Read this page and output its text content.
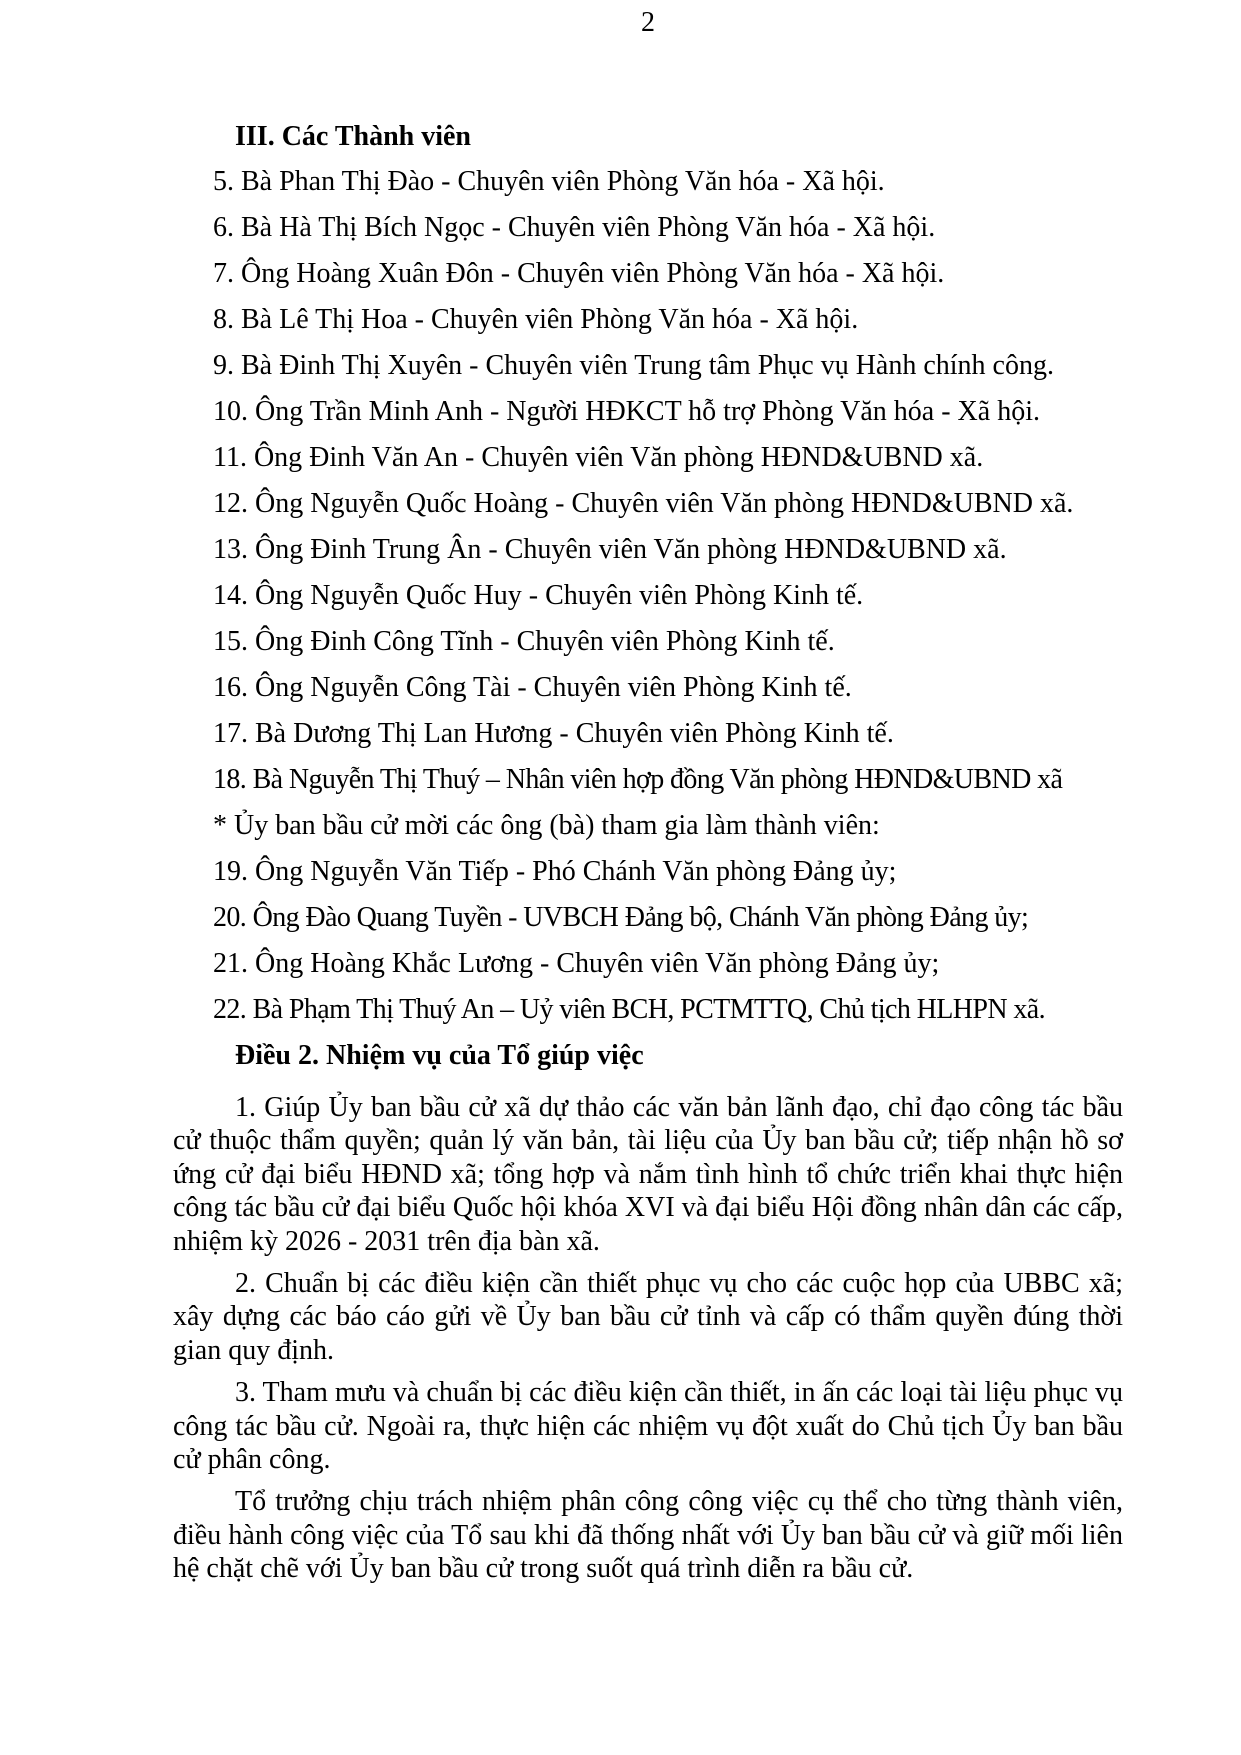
2

III. Các Thành viên

5. Bà Phan Thị Đào - Chuyên viên Phòng Văn hóa - Xã hội.

6. Bà Hà Thị Bích Ngọc - Chuyên viên Phòng Văn hóa - Xã hội.

7. Ông Hoàng Xuân Đôn - Chuyên viên Phòng Văn hóa - Xã hội.

8. Bà Lê Thị Hoa - Chuyên viên Phòng Văn hóa - Xã hội.

9. Bà Đinh Thị Xuyên - Chuyên viên Trung tâm Phục vụ Hành chính công.

10. Ông Trần Minh Anh - Người HĐKCT hỗ trợ Phòng Văn hóa - Xã hội.

11. Ông Đinh Văn An - Chuyên viên Văn phòng HĐND&UBND xã.

12. Ông Nguyễn Quốc Hoàng - Chuyên viên Văn phòng HĐND&UBND xã.

13. Ông Đinh Trung Ân - Chuyên viên Văn phòng HĐND&UBND xã.

14. Ông Nguyễn Quốc Huy - Chuyên viên Phòng Kinh tế.

15. Ông Đinh Công Tĩnh - Chuyên viên Phòng Kinh tế.

16. Ông Nguyễn Công Tài - Chuyên viên Phòng Kinh tế.

17. Bà Dương Thị Lan Hương - Chuyên viên Phòng Kinh tế.

18. Bà Nguyễn Thị Thuý – Nhân viên hợp đồng Văn phòng HĐND&UBND xã

* Ủy ban bầu cử mời các ông (bà) tham gia làm thành viên:

19. Ông Nguyễn Văn Tiếp - Phó Chánh Văn phòng Đảng ủy;

20. Ông Đào Quang Tuyền - UVBCH Đảng bộ, Chánh Văn phòng Đảng ủy;

21. Ông Hoàng Khắc Lương - Chuyên viên Văn phòng Đảng ủy;

22. Bà Phạm Thị Thuý An – Uỷ viên BCH, PCTMTTQ, Chủ tịch HLHPN xã.

Điều 2. Nhiệm vụ của Tổ giúp việc

1. Giúp Ủy ban bầu cử xã dự thảo các văn bản lãnh đạo, chỉ đạo công tác bầu cử thuộc thẩm quyền; quản lý văn bản, tài liệu của Ủy ban bầu cử; tiếp nhận hồ sơ ứng cử đại biểu HĐND xã; tổng hợp và nắm tình hình tổ chức triển khai thực hiện công tác bầu cử đại biểu Quốc hội khóa XVI và đại biểu Hội đồng nhân dân các cấp, nhiệm kỳ 2026 - 2031 trên địa bàn xã.

2. Chuẩn bị các điều kiện cần thiết phục vụ cho các cuộc họp của UBBC xã; xây dựng các báo cáo gửi về Ủy ban bầu cử tỉnh và cấp có thẩm quyền đúng thời gian quy định.

3. Tham mưu và chuẩn bị các điều kiện cần thiết, in ấn các loại tài liệu phục vụ công tác bầu cử. Ngoài ra, thực hiện các nhiệm vụ đột xuất do Chủ tịch Ủy ban bầu cử phân công.

Tổ trưởng chịu trách nhiệm phân công công việc cụ thể cho từng thành viên, điều hành công việc của Tổ sau khi đã thống nhất với Ủy ban bầu cử và giữ mối liên hệ chặt chẽ với Ủy ban bầu cử trong suốt quá trình diễn ra bầu cử.
